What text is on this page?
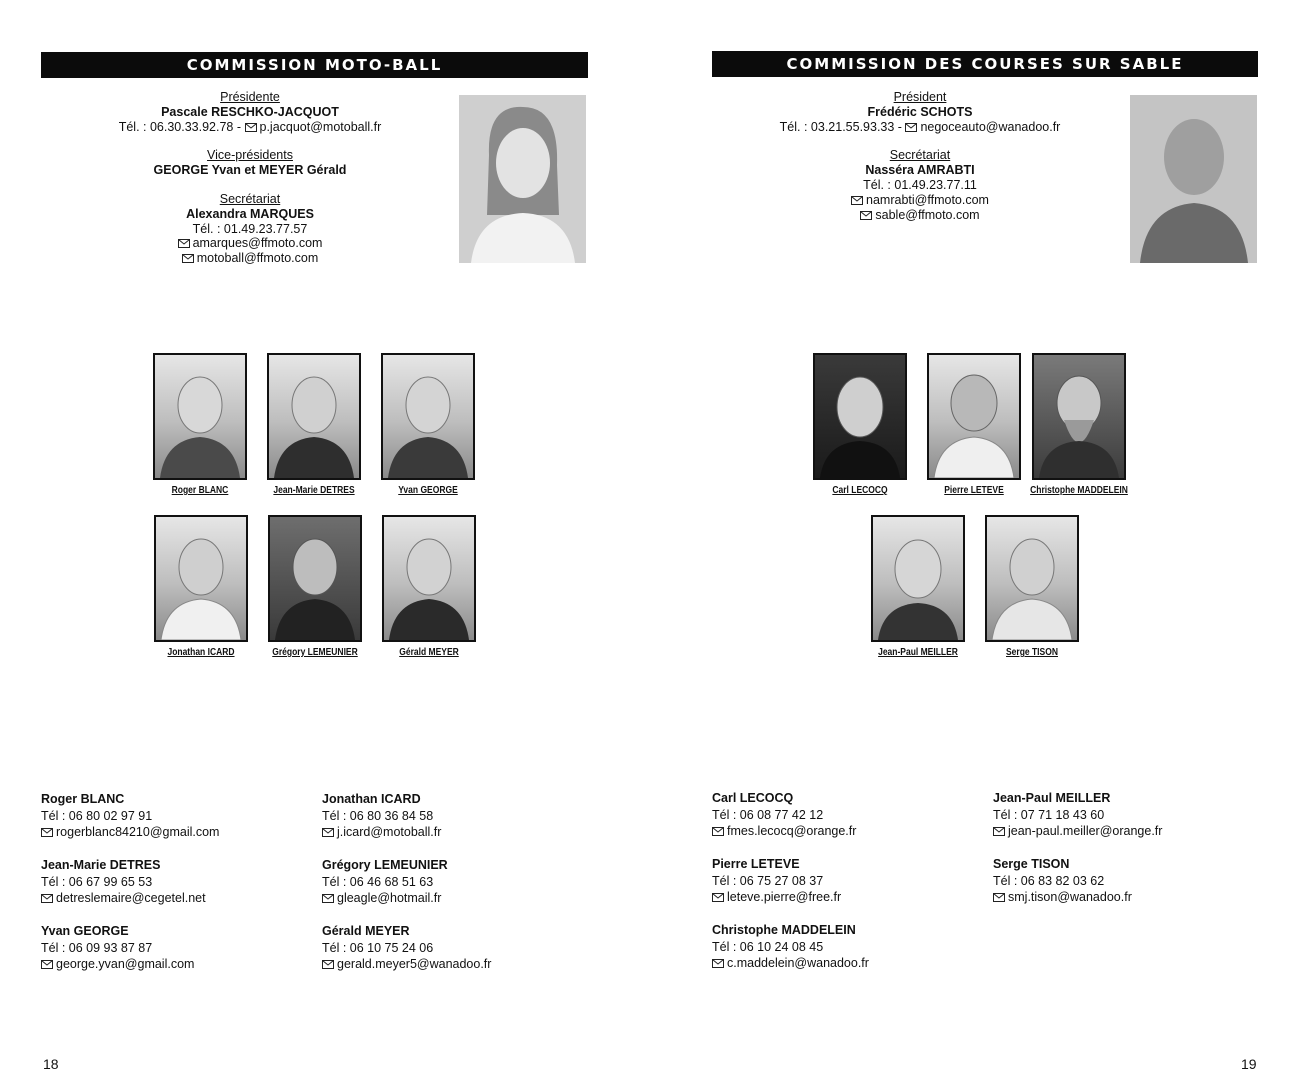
COMMISSION MOTO-BALL
Présidente
Pascale RESCHKO-JACQUOT
Tél. : 06.30.33.92.78 - p.jacquot@motoball.fr
Vice-présidents
GEORGE Yvan et MEYER Gérald
Secrétariat
Alexandra MARQUES
Tél. : 01.49.23.77.57
amarques@ffmoto.com
motoball@ffmoto.com
Roger BLANC	Jean-Marie DETRES	Yvan GEORGE
Jonathan ICARD	Grégory LEMEUNIER	Gérald MEYER
Roger BLANC
Tél : 06 80 02 97 91
rogerblanc84210@gmail.com
Jean-Marie DETRES
Tél : 06 67 99 65 53
detreslemaire@cegetel.net
Yvan GEORGE
Tél : 06 09 93 87 87
george.yvan@gmail.com
Jonathan ICARD
Tél : 06 80 36 84 58
j.icard@motoball.fr
Grégory LEMEUNIER
Tél : 06 46 68 51 63
gleagle@hotmail.fr
Gérald MEYER
Tél : 06 10 75 24 06
gerald.meyer5@wanadoo.fr
18
COMMISSION DES COURSES SUR SABLE
Président
Frédéric SCHOTS
Tél. : 03.21.55.93.33 - negoceauto@wanadoo.fr
Secrétariat
Nasséra AMRABTI
Tél. : 01.49.23.77.11
namrabti@ffmoto.com
sable@ffmoto.com
Carl LECOCQ	Pierre LETEVE	Christophe MADDELEIN
Jean-Paul MEILLER	Serge TISON
Carl LECOCQ
Tél : 06 08 77 42 12
fmes.lecocq@orange.fr
Pierre LETEVE
Tél : 06 75 27 08 37
leteve.pierre@free.fr
Christophe MADDELEIN
Tél : 06 10 24 08 45
c.maddelein@wanadoo.fr
Jean-Paul MEILLER
Tél : 07 71 18 43 60
jean-paul.meiller@orange.fr
Serge TISON
Tél : 06 83 82 03 62
smj.tison@wanadoo.fr
19
